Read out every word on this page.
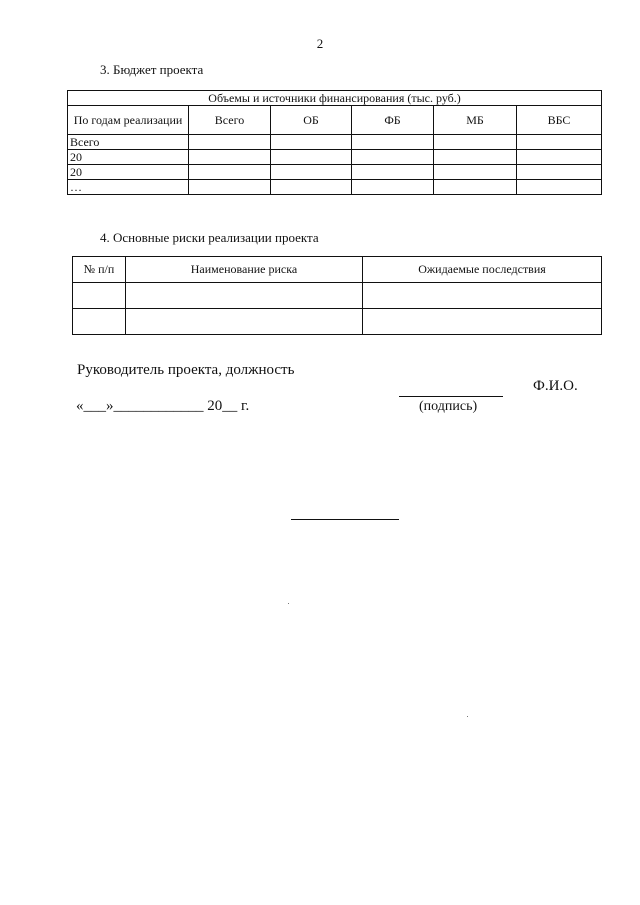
2
3. Бюджет проекта
Объемы и источники финансирования (тыс. руб.)					
По годам реализации	Всего	ОБ	ФБ	МБ	ВБС
Всего					
20					
20					
…					
4. Основные риски реализации проекта
№ п/п	Наименование риска	Ожидаемые последствия

Руководитель проекта, должность
Ф.И.О.
(подпись)
«___»____________ 20__ г.
